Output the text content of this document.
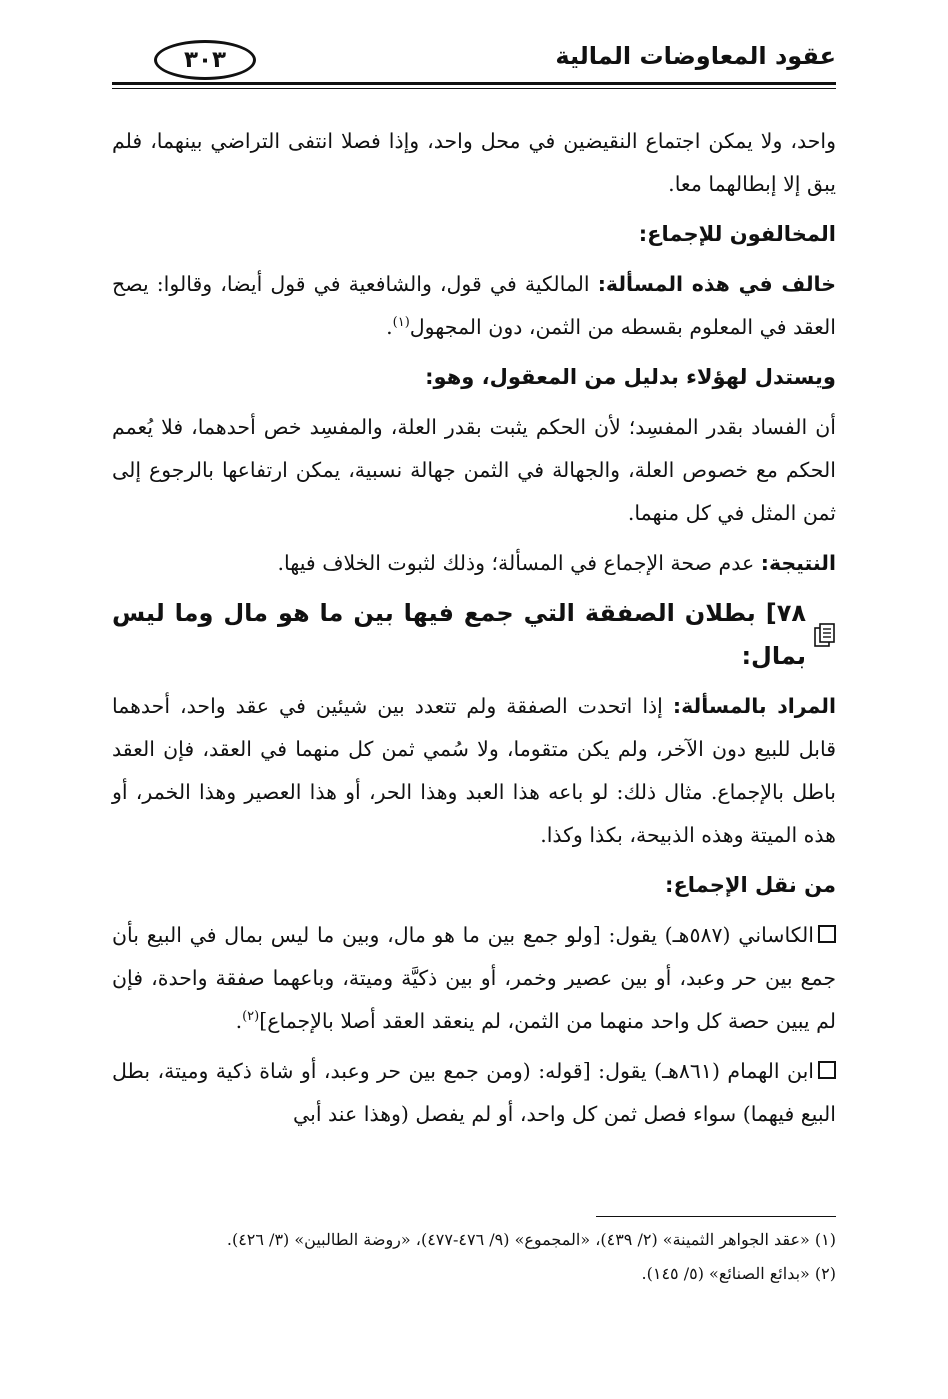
عقود المعاوضات المالية
٣٠٣

واحد، ولا يمكن اجتماع النقيضين في محل واحد، وإذا فصلا انتفى التراضي بينهما، فلم يبق إلا إبطالهما معا.

المخالفون للإجماع:

خالف في هذه المسألة: المالكية في قول، والشافعية في قول أيضا، وقالوا: يصح العقد في المعلوم بقسطه من الثمن، دون المجهول$^{(١)}$.

ويستدل لهؤلاء بدليل من المعقول، وهو:

أن الفساد بقدر المفسِد؛ لأن الحكم يثبت بقدر العلة، والمفسِد خص أحدهما، فلا يُعمم الحكم مع خصوص العلة، والجهالة في الثمن جهالة نسبية، يمكن ارتفاعها بالرجوع إلى ثمن المثل في كل منهما.

النتيجة: عدم صحة الإجماع في المسألة؛ وذلك لثبوت الخلاف فيها.

٧٨] بطلان الصفقة التي جمع فيها بين ما هو مال وما ليس بمال:

المراد بالمسألة: إذا اتحدت الصفقة ولم تتعدد بين شيئين في عقد واحد، أحدهما قابل للبيع دون الآخر، ولم يكن متقوما، ولا سُمي ثمن كل منهما في العقد، فإن العقد باطل بالإجماع. مثال ذلك: لو باعه هذا العبد وهذا الحر، أو هذا العصير وهذا الخمر، أو هذه الميتة وهذه الذبيحة، بكذا وكذا.

من نقل الإجماع:

الكاساني (٥٨٧هـ) يقول: [ولو جمع بين ما هو مال، وبين ما ليس بمال في البيع بأن جمع بين حر وعبد، أو بين عصير وخمر، أو بين ذكيَّة وميتة، وباعهما صفقة واحدة، فإن لم يبين حصة كل واحد منهما من الثمن، لم ينعقد العقد أصلا بالإجماع]$^{(٢)}$.

ابن الهمام (٨٦١هـ) يقول: [قوله: (ومن جمع بين حر وعبد، أو شاة ذكية وميتة، بطل البيع فيهما) سواء فصل ثمن كل واحد، أو لم يفصل (وهذا عند أبي

(١) «عقد الجواهر الثمينة» (٢/ ٤٣٩)، «المجموع» (٩/ ٤٧٦-٤٧٧)، «روضة الطالبين» (٣/ ٤٢٦).

(٢) «بدائع الصنائع» (٥/ ١٤٥).
